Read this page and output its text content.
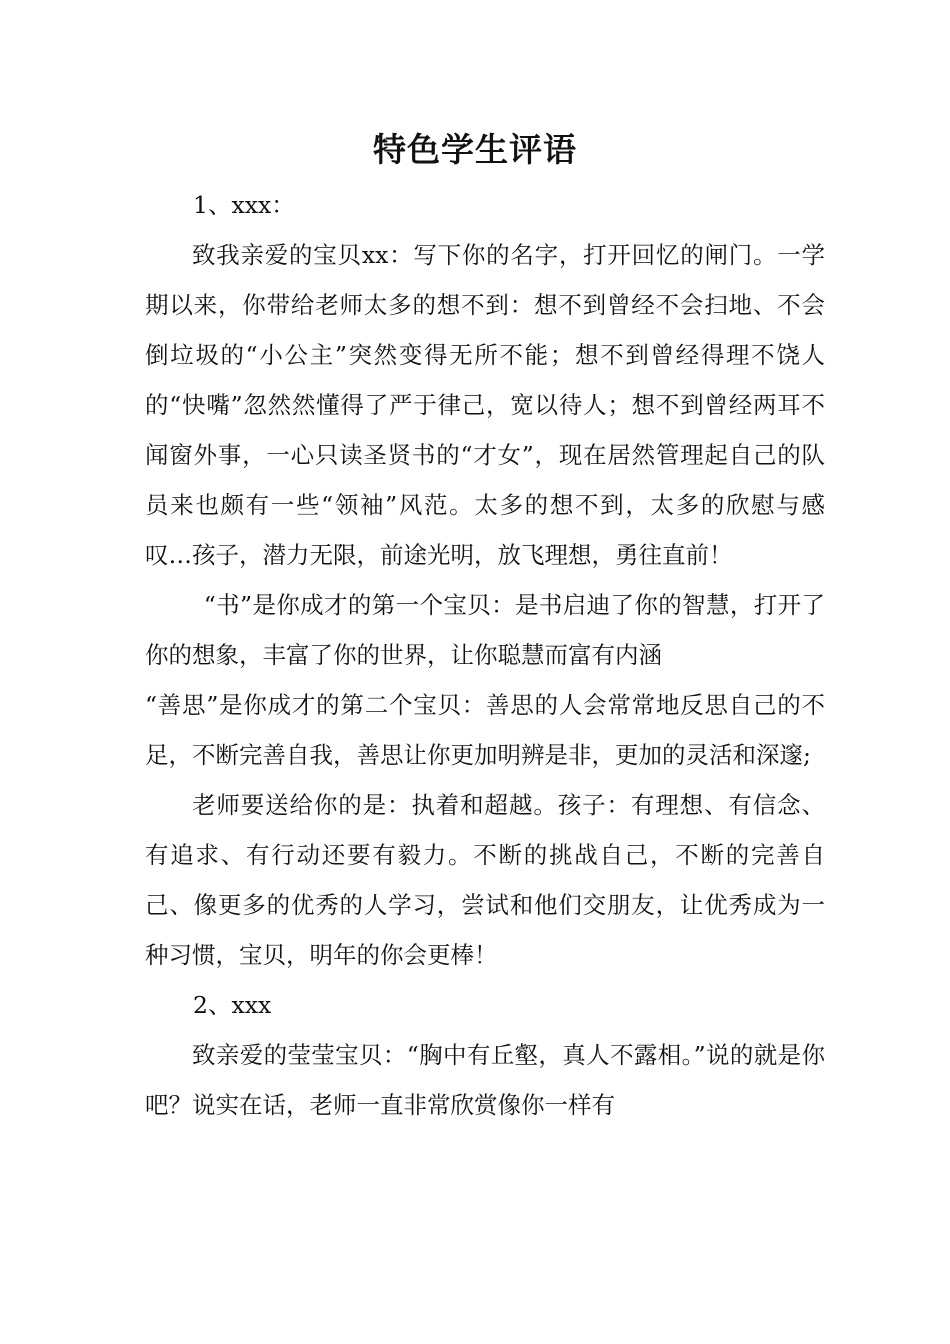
特色学生评语

1、xxx：

致我亲爱的宝贝xx：写下你的名字，打开回忆的闸门。一学期以来，你带给老师太多的想不到：想不到曾经不会扫地、不会倒垃圾的“小公主”突然变得无所不能；想不到曾经得理不饶人的“快嘴”忽然然懂得了严于律己，宽以待人；想不到曾经两耳不闻窗外事，一心只读圣贤书的“才女”，现在居然管理起自己的队员来也颇有一些“领袖”风范。太多的想不到，太多的欣慰与感叹…孩子，潜力无限，前途光明，放飞理想，勇往直前！

“书”是你成才的第一个宝贝：是书启迪了你的智慧，打开了你的想象，丰富了你的世界，让你聪慧而富有内涵

“善思”是你成才的第二个宝贝：善思的人会常常地反思自己的不足，不断完善自我，善思让你更加明辨是非，更加的灵活和深邃;

老师要送给你的是：执着和超越。孩子：有理想、有信念、有追求、有行动还要有毅力。不断的挑战自己，不断的完善自己、像更多的优秀的人学习，尝试和他们交朋友，让优秀成为一种习惯，宝贝，明年的你会更棒！

2、xxx

致亲爱的莹莹宝贝：“胸中有丘壑，真人不露相。”说的就是你吧？说实在话，老师一直非常欣赏像你一样有
